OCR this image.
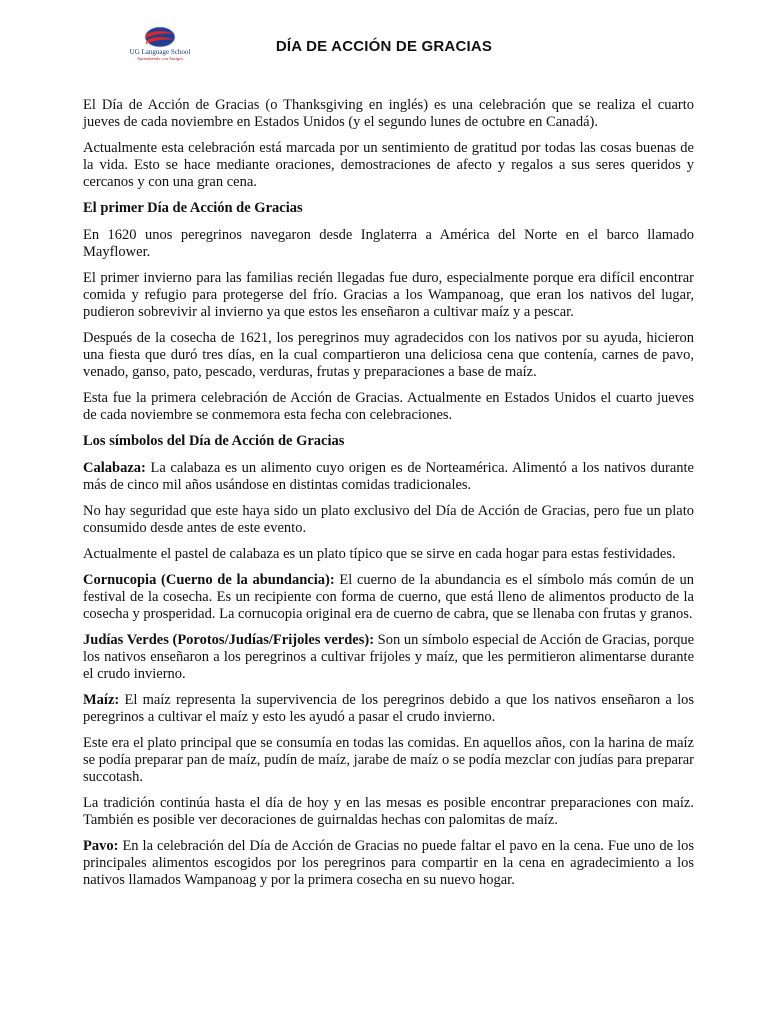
UG Language School
Aprendiendo con Amigos
DÍA DE ACCIÓN DE GRACIAS

El Día de Acción de Gracias (o Thanksgiving en inglés) es una celebración que se realiza el cuarto jueves de cada noviembre en Estados Unidos (y el segundo lunes de octubre en Canadá).

Actualmente esta celebración está marcada por un sentimiento de gratitud por todas las cosas buenas de la vida. Esto se hace mediante oraciones, demostraciones de afecto y regalos a sus seres queridos y cercanos y con una gran cena.

El primer Día de Acción de Gracias

En 1620 unos peregrinos navegaron desde Inglaterra a América del Norte en el barco llamado Mayflower.

El primer invierno para las familias recién llegadas fue duro, especialmente porque era difícil encontrar comida y refugio para protegerse del frío. Gracias a los Wampanoag, que eran los nativos del lugar, pudieron sobrevivir al invierno ya que estos les enseñaron a cultivar maíz y a pescar.

Después de la cosecha de 1621, los peregrinos muy agradecidos con los nativos por su ayuda, hicieron una fiesta que duró tres días, en la cual compartieron una deliciosa cena que contenía, carnes de pavo, venado, ganso, pato, pescado, verduras, frutas y preparaciones a base de maíz.

Esta fue la primera celebración de Acción de Gracias. Actualmente en Estados Unidos el cuarto jueves de cada noviembre se conmemora esta fecha con celebraciones.

Los símbolos del Día de Acción de Gracias

Calabaza: La calabaza es un alimento cuyo origen es de Norteamérica. Alimentó a los nativos durante más de cinco mil años usándose en distintas comidas tradicionales.

No hay seguridad que este haya sido un plato exclusivo del Día de Acción de Gracias, pero fue un plato consumido desde antes de este evento.

Actualmente el pastel de calabaza es un plato típico que se sirve en cada hogar para estas festividades.

Cornucopia (Cuerno de la abundancia): El cuerno de la abundancia es el símbolo más común de un festival de la cosecha. Es un recipiente con forma de cuerno, que está lleno de alimentos producto de la cosecha y prosperidad. La cornucopia original era de cuerno de cabra, que se llenaba con frutas y granos.

Judías Verdes (Porotos/Judías/Frijoles verdes): Son un símbolo especial de Acción de Gracias, porque los nativos enseñaron a los peregrinos a cultivar frijoles y maíz, que les permitieron alimentarse durante el crudo invierno.

Maíz: El maíz representa la supervivencia de los peregrinos debido a que los nativos enseñaron a los peregrinos a cultivar el maíz y esto les ayudó a pasar el crudo invierno.

Este era el plato principal que se consumía en todas las comidas. En aquellos años, con la harina de maíz se podía preparar pan de maíz, pudín de maíz, jarabe de maíz o se podía mezclar con judías para preparar succotash.

La tradición continúa hasta el día de hoy y en las mesas es posible encontrar preparaciones con maíz. También es posible ver decoraciones de guirnaldas hechas con palomitas de maíz.

Pavo: En la celebración del Día de Acción de Gracias no puede faltar el pavo en la cena. Fue uno de los principales alimentos escogidos por los peregrinos para compartir en la cena en agradecimiento a los nativos llamados Wampanoag y por la primera cosecha en su nuevo hogar.
